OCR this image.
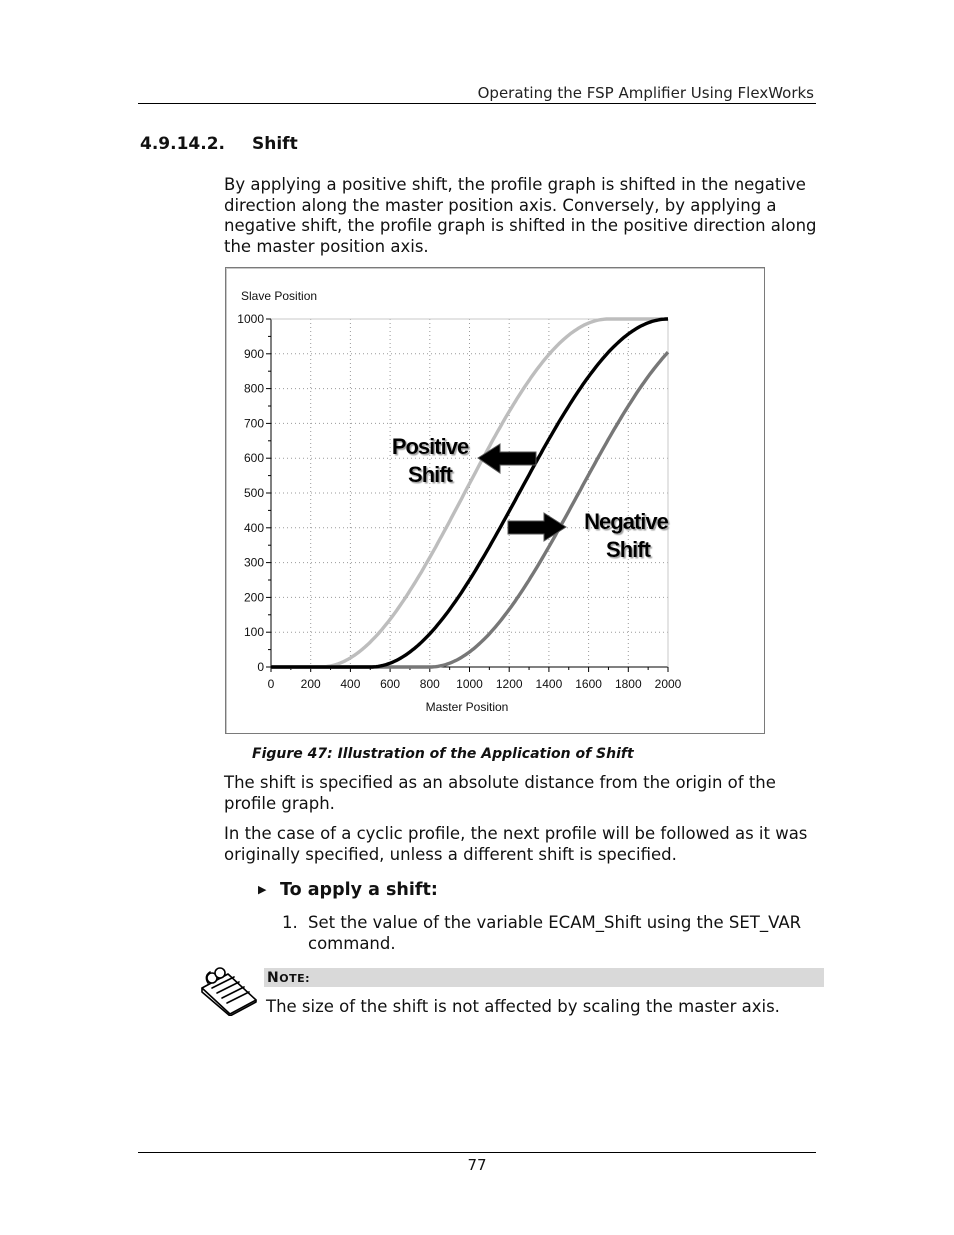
Operating the FSP Amplifier Using FlexWorks
4.9.14.2. Shift

By applying a positive shift, the profile graph is shifted in the negative direction along the master position axis. Conversely, by applying a negative shift, the profile graph is shifted in the positive direction along the master position axis.

0 200 400 600 800 1000 1200 1400 1600 1800 2000
0
100
200
300
400
500
600
700
800
900
1000
Slave Position
Master Position
Positive
Shift
Negative
Shift
Figure 47: Illustration of the Application of Shift

The shift is specified as an absolute distance from the origin of the profile graph.

In the case of a cyclic profile, the next profile will be followed as it was originally specified, unless a different shift is specified.

▶ To apply a shift:
1. Set the value of the variable ECAM_Shift using the SET_VAR command.
NOTE:
The size of the shift is not affected by scaling the master axis.
77
